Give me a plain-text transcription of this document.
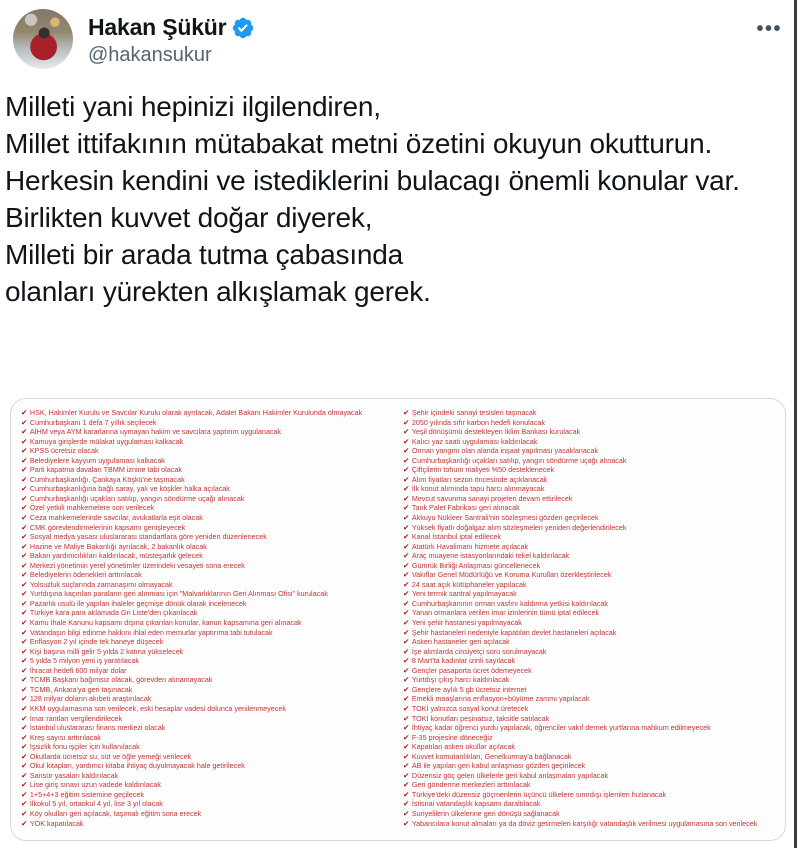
Hakan Şükür
@hakansukur
•••
Milleti yani hepinizi ilgilendiren,
Millet ittifakının mütabakat metni özetini okuyun okutturun.
Herkesin kendini ve istediklerini bulacagı önemli konular var.
Birlikten kuvvet doğar diyerek,
Milleti bir arada tutma çabasında
olanları yürekten alkışlamak gerek.
✔ HSK, Hakimler Kurulu ve Savcılar Kurulu olarak ayrılacak, Adalet Bakanı Hakimler Kurulunda olmayacak
✔ Cumhurbaşkanı 1 defa 7 yıllık seçilecek
✔ AİHM veya AYM kararlarına uymayan hakim ve savcılara yaptırım uygulanacak
✔ Kamuya girişlerde mülakat uygulaması kalkacak
✔ KPSS ücretsiz olacak
✔ Belediyelere kayyum uygulaması kalkacak
✔ Parti kapatma davaları TBMM iznine tabi olacak
✔ Cumhurbaşkanlığı, Çankaya Köşkü'ne taşınacak
✔ Cumhurbaşkanlığına bağlı saray, yalı ve köşkler halka açılacak
✔ Cumhurbaşkanlığı uçakları satılıp, yangın söndürme uçağı alınacak
✔ Özel yetkili mahkemelere son verilecek
✔ Ceza mahkemelerinde savcılar, avukatlarla eşit olacak
✔ CMK görevlendirmelerinin kapsamı genişleyecek
✔ Sosyal medya yasası uluslararası standartlara göre yeniden düzenlenecek
✔ Hazine ve Maliye Bakanlığı ayrılacak, 2 bakanlık olacak
✔ Bakan yardımcılıkları kaldırılacak, müsteşarlık gelecek
✔ Merkezi yönetimin yerel yönetimler üzerindeki vesayeti sona erecek
✔ Belediyelerin ödenekleri arttırılacak
✔ Yolsuzluk suçlarında zamanaşımı olmayacak
✔ Yurtdışına kaçırılan paraların geri alınması için "Malvarlıklarının Geri Alınması Ofisi" kurulacak
✔ Pazarlık usulü ile yapılan ihaleler geçmişe dönük olarak incelenecek
✔ Türkiye kara para aklamada Gri Liste'den çıkarılacak
✔ Kamu İhale Kanunu kapsamı dışına çıkarılan konular, kanun kapsamına geri alınacak
✔ Vatandaşın bilgi edinme hakkını ihlal eden memurlar yaptırıma tabi tutulacak
✔ Enflasyon 2 yıl içinde tek haneye düşecek
✔ Kişi başına milli gelir 5 yılda 2 katına yükselecek
✔ 5 yılda 5 milyon yeni iş yaratılacak
✔ İhracat hedefi 600 milyar dolar
✔ TCMB Başkanı bağımsız olacak, görevden alınamayacak
✔ TCMB, Ankara'ya geri taşınacak
✔ 128 milyar doların akıbeti araştırılacak
✔ KKM uygulamasına son verilecek, eski hesaplar vadesi dolunca yenilenmeyecek
✔ İmar rantları vergilendirilecek
✔ İstanbul uluslararası finans merkezi olacak
✔ Kreş sayısı arttırılacak
✔ İşsizlik fonu işçiler için kullanılacak
✔ Okullarda ücretsiz su, süt ve öğle yemeği verilecek
✔ Okul kitapları, yardımcı kitaba ihtiyaç duyulmayacak hale getirilecek
✔ Sansür yasaları kaldırılacak
✔ Lise giriş sınavı uzun vadede kaldırılacak
✔ 1+5+4+3 eğitim sistemine geçilecek
✔ İlkokul 5 yıl, ortaokul 4 yıl, lise 3 yıl olacak
✔ Köy okulları geri açılacak, taşımalı eğitim sona erecek
✔ YÖK kapatılacak
✔ Şehir içindeki sanayi tesisleri taşınacak
✔ 2050 yılında sıfır karbon hedefi konulacak
✔ Yeşil dönüşümü destekleyen İklim Bankası kurulacak
✔ Kalıcı yaz saati uygulaması kaldırılacak
✔ Orman yangını olan alanda inşaat yapılması yasaklanacak
✔ Cumhurbaşkanlığı uçakları satılıp, yangın söndürme uçağı alınacak
✔ Çiftçilerin tohum maliyeti %50 desteklenecek
✔ Alım fiyatları sezon öncesinde açıklanacak
✔ İlk konut alımında tapu harcı alınmayacak
✔ Mevcut savunma sanayi projeleri devam ettirilecek
✔ Tank Palet Fabrikası geri alınacak
✔ Akkuyu Nükleer Santrali'nin sözleşmesi gözden geçirilecek
✔ Yüksek fiyatlı doğalgaz alım sözleşmeleri yeniden değerlendirilecek
✔ Kanal İstanbul iptal edilecek
✔ Atatürk Havalimanı hizmete açılacak
✔ Araç muayene istasyonlarındaki tekel kaldırılacak
✔ Gümrük Birliği Anlaşması güncellenecek
✔ Vakıflar Genel Müdürlüğü ve Koruma Kurulları özerkleştirilecek
✔ 24 saat açık kütüphaneler yapılacak
✔ Yeni termik santral yapılmayacak
✔ Cumhurbaşkanının orman vasfını kaldırma yetkisi kaldırılacak
✔ Yanan ormanlara verilen imar izinlerinin tümü iptal edilecek
✔ Yeni şehir hastanesi yapılmayacak
✔ Şehir hastaneleri nedeniyle kapatılan devlet hastaneleri açılacak
✔ Askeri hastaneler geri açılacak
✔ İşe alımlarda cinsiyetçi soru sorulmayacak
✔ 8 Mart'ta kadınlar izinli sayılacak
✔ Gençler pasaporta ücret ödemeyecek
✔ Yurtdışı çıkış harcı kaldırılacak
✔ Gençlere aylık 5 gb ücretsiz internet
✔ Emekli maaşlarına enflasyon+büyüme zammı yapılacak
✔ TOKİ yalnızca sosyal konut üretecek
✔ TOKİ konutları peşinatsız, taksitle satılacak
✔ İhtiyaç kadar öğrenci yurdu yapılacak, öğrenciler vakıf dernek yurtlarına mahkum edilmeyecek
✔ F-35 projesine döneceğiz
✔ Kapatılan askeri okullar açılacak
✔ Kuvvet komutanlıkları, Genelkurmay'a bağlanacak
✔ AB ile yapılan geri kabul anlaşması gözden geçirilecek
✔ Düzensiz göç gelen ülkelerle geri kabul anlaşmaları yapılacak
✔ Geri gönderme merkezleri arttırılacak
✔ Türkiye'deki düzensiz göçmenlerin üçüncü ülkelere sınırdışı işlemleri hızlanacak
✔ İstisnai vatandaşlık kapsamı daraltılacak
✔ Suriyelilerin ülkelerine geri dönüşü sağlanacak
✔ Yabancılara konut almaları ya da döviz getirmeleri karşılığı vatandaşlık verilmesi uygulamasına son verilecek
